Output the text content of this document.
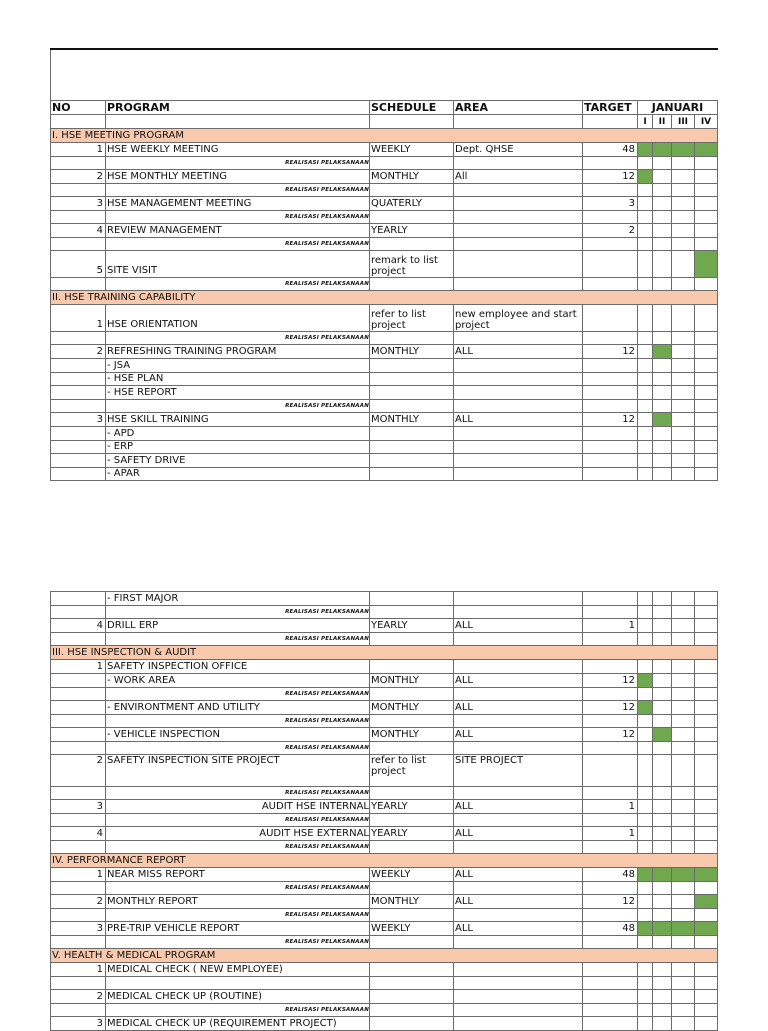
NO	PROGRAM	SCHEDULE	AREA	TARGET	JANUARI			
					I	II	III	IV
I. HSE MEETING PROGRAM								
1	HSE WEEKLY MEETING	WEEKLY	Dept. QHSE	48				
	REALISASI PELAKSANAAN							
2	HSE MONTHLY MEETING	MONTHLY	All	12				
	REALISASI PELAKSANAAN							
3	HSE MANAGEMENT MEETING	QUATERLY		3				
	REALISASI PELAKSANAAN							
4	REVIEW MANAGEMENT	YEARLY		2				
	REALISASI PELAKSANAAN							
5	SITE VISIT	remark to list project						
	REALISASI PELAKSANAAN							
II. HSE TRAINING CAPABILITY								
1	HSE ORIENTATION	refer to list project	new employee and start project					
	REALISASI PELAKSANAAN							
2	REFRESHING TRAINING PROGRAM	MONTHLY	ALL	12				
	- JSA							
	- HSE PLAN							
	- HSE REPORT							
	REALISASI PELAKSANAAN							
3	HSE SKILL TRAINING	MONTHLY	ALL	12				
	- APD							
	- ERP							
	- SAFETY DRIVE							
	- APAR							
	- FIRST MAJOR							
	REALISASI PELAKSANAAN							
4	DRILL ERP	YEARLY	ALL	1				
	REALISASI PELAKSANAAN							
III. HSE INSPECTION & AUDIT								
1	SAFETY INSPECTION OFFICE							
	- WORK AREA	MONTHLY	ALL	12				
	REALISASI PELAKSANAAN							
	- ENVIRONTMENT AND UTILITY	MONTHLY	ALL	12				
	REALISASI PELAKSANAAN							
	- VEHICLE INSPECTION	MONTHLY	ALL	12				
	REALISASI PELAKSANAAN							
2	SAFETY INSPECTION SITE PROJECT	refer to list project	SITE PROJECT					
	REALISASI PELAKSANAAN							
3	AUDIT HSE INTERNAL	YEARLY	ALL	1				
	REALISASI PELAKSANAAN							
4	AUDIT HSE EXTERNAL	YEARLY	ALL	1				
	REALISASI PELAKSANAAN							
IV. PERFORMANCE REPORT								
1	NEAR MISS REPORT	WEEKLY	ALL	48				
	REALISASI PELAKSANAAN							
2	MONTHLY REPORT	MONTHLY	ALL	12				
	REALISASI PELAKSANAAN							
3	PRE-TRIP VEHICLE REPORT	WEEKLY	ALL	48				
	REALISASI PELAKSANAAN							
V. HEALTH & MEDICAL PROGRAM								
1	MEDICAL CHECK ( NEW EMPLOYEE)							

2	MEDICAL CHECK UP (ROUTINE)							
	REALISASI PELAKSANAAN							
3	MEDICAL CHECK UP (REQUIREMENT PROJECT)							
